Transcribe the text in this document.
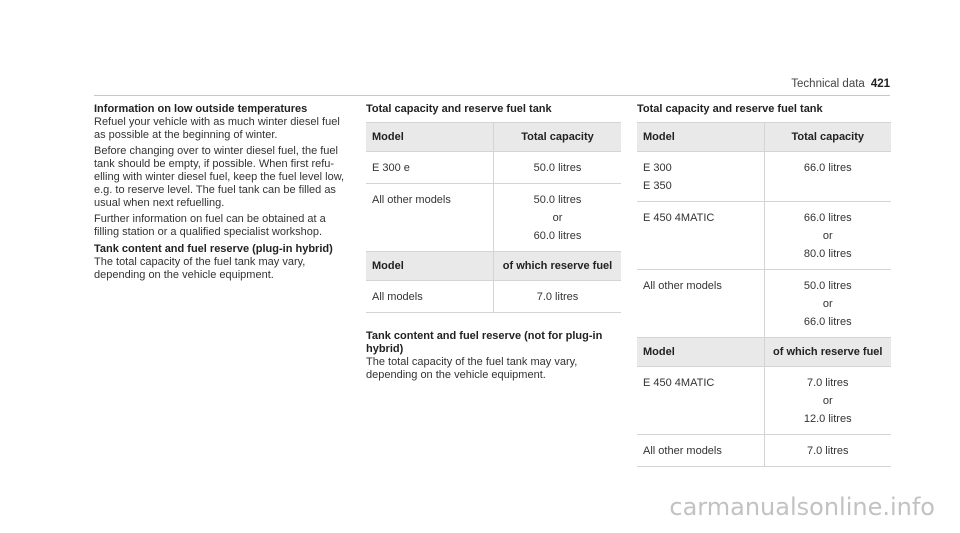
Technical data 421
Information on low outside temperatures

Refuel your vehicle with as much winter diesel fuel as possible at the beginning of winter.

Before changing over to winter diesel fuel, the fuel tank should be empty, if possible. When first refuelling with winter diesel fuel, keep the fuel level low, e.g. to reserve level. The fuel tank can be filled as usual when next refuelling.

Further information on fuel can be obtained at a filling station or a qualified specialist workshop.

Tank content and fuel reserve (plug-in hybrid)

The total capacity of the fuel tank may vary, depending on the vehicle equipment.

Total capacity and reserve fuel tank
Model	Total capacity
E 300 e	50.0 litres
All other models	50.0 litres
or
60.0 litres

Model	of which reserve fuel
All models	7.0 litres
Tank content and fuel reserve (not for plug-in hybrid)

The total capacity of the fuel tank may vary, depending on the vehicle equipment.

Total capacity and reserve fuel tank
Model	Total capacity

E 300
E 350	66.0 litres
E 450 4MATIC	66.0 litres
or
80.0 litres

All other models	50.0 litres
or
66.0 litres

Model	of which reserve fuel
E 450 4MATIC	7.0 litres
or
12.0 litres

All other models	7.0 litres
carmanualsonline.info
